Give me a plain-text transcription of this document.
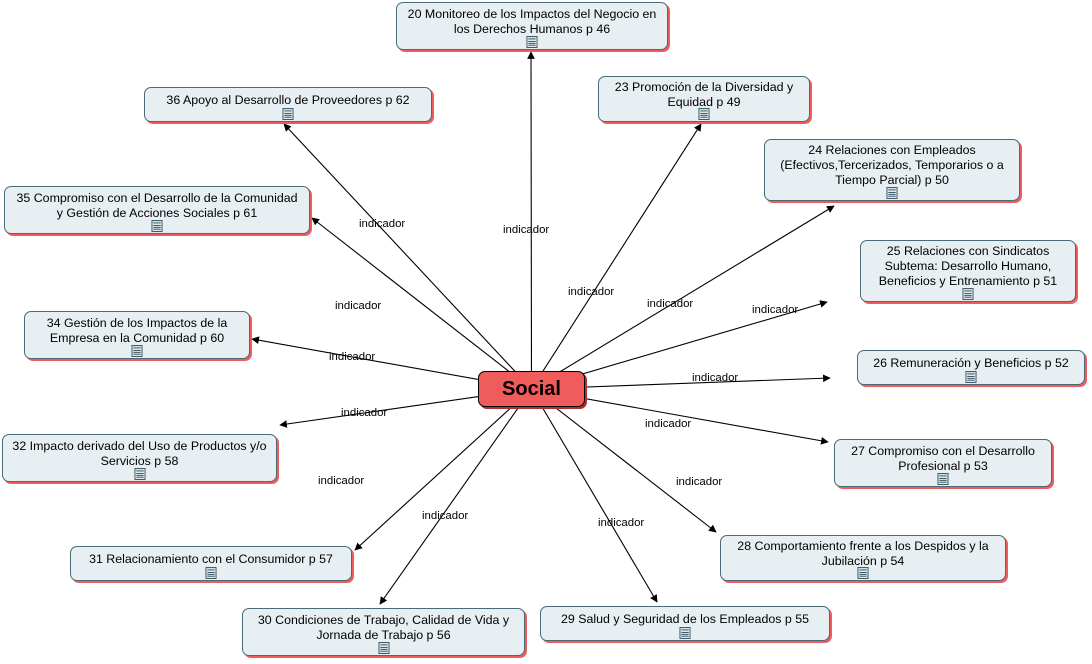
20 Monitoreo de los Impactos del Negocio en los Derechos Humanos p 46
36 Apoyo al Desarrollo de Proveedores p 62
23 Promoción de la Diversidad y Equidad p 49
35 Compromiso con el Desarrollo de la Comunidad y Gestión de Acciones Sociales p 61
24 Relaciones con Empleados (Efectivos,Tercerizados, Temporarios o a Tiempo Parcial) p 50
25 Relaciones con Sindicatos Subtema: Desarrollo Humano, Beneficios y Entrenamiento p 51
34 Gestión de los Impactos de la Empresa en la Comunidad p 60
26 Remuneración y Beneficios p 52
32 Impacto derivado del Uso de Productos y/o Servicios p 58
27 Compromiso con el Desarrollo Profesional p 53
31 Relacionamiento con el Consumidor p 57
28 Comportamiento frente a los Despidos y la Jubilación p 54
30 Condiciones de Trabajo, Calidad de Vida y Jornada de Trabajo p 56
29 Salud y Seguridad de los Empleados p 55
indicador
indicador
indicador
indicador	indicador	indicador
indicador
indicador
indicador
indicador
indicador	indicador
indicador
indicador
Social
